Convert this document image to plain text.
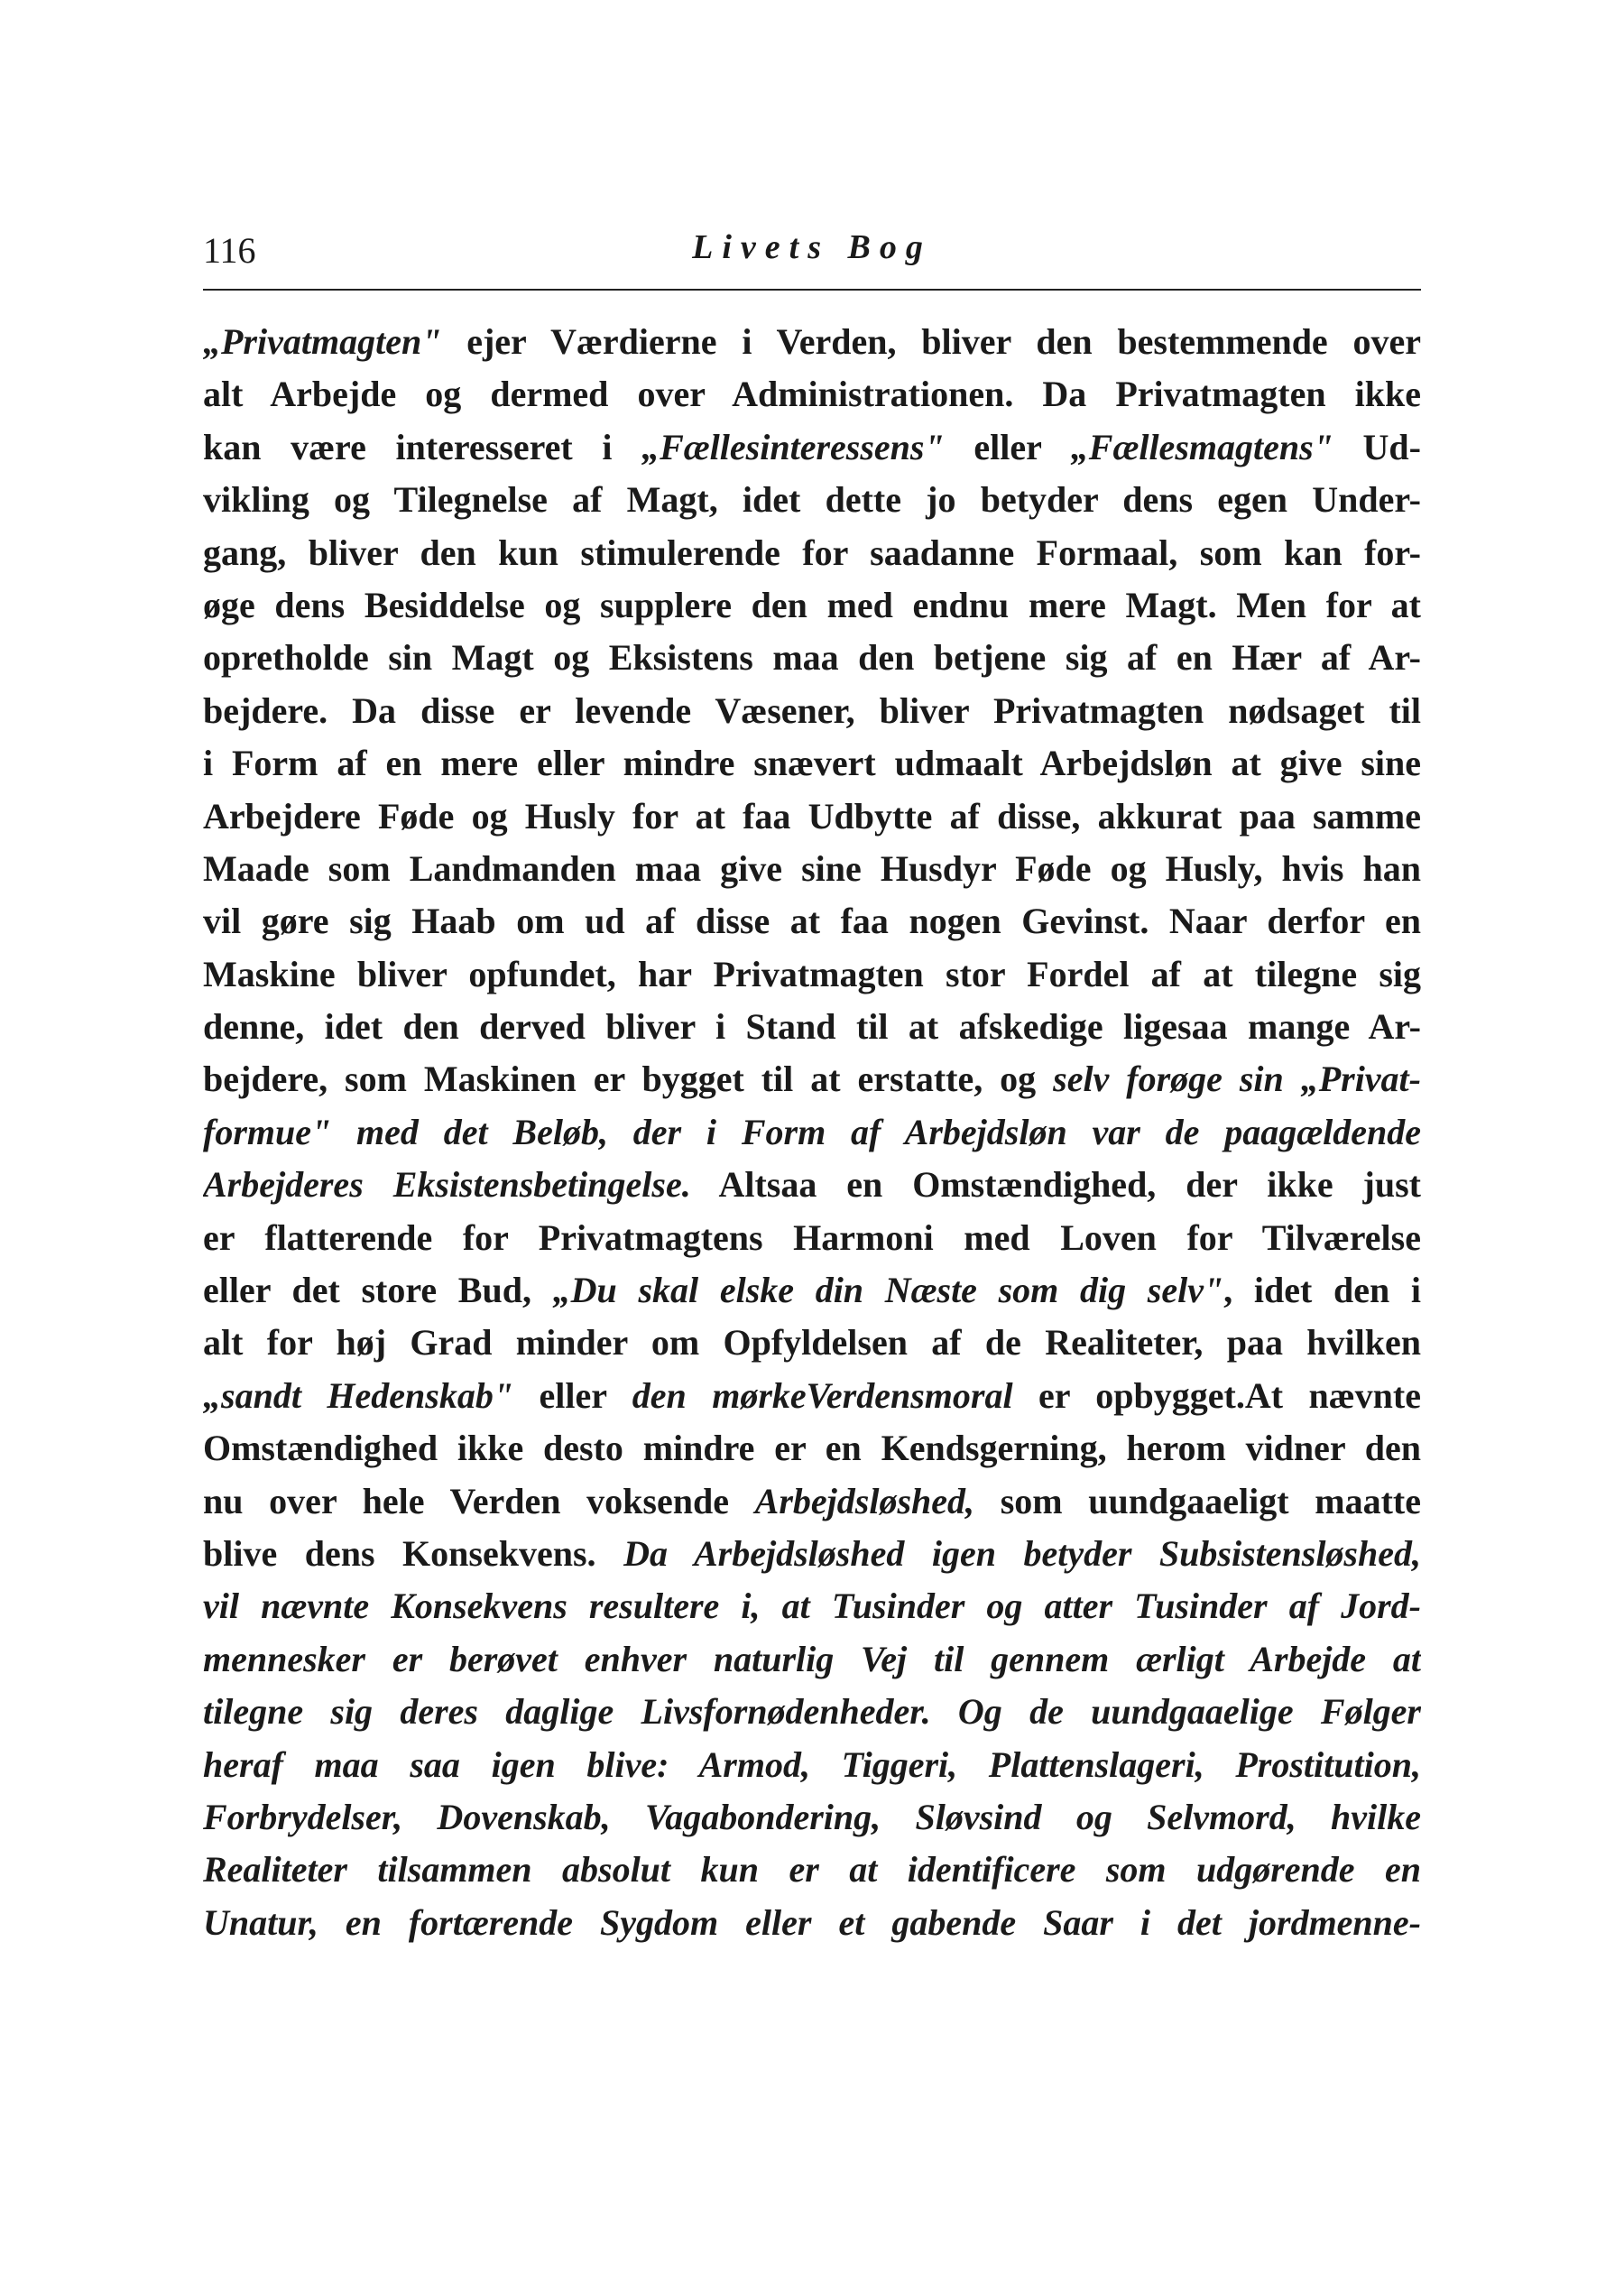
116	Livets Bog
„Privatmagten" ejer Værdierne i Verden, bliver den bestemmende over
alt Arbejde og dermed over Administrationen. Da Privatmagten ikke
kan være interesseret i „Fællesinteressens" eller „Fællesmagtens" Ud-
vikling og Tilegnelse af Magt, idet dette jo betyder dens egen Under-
gang, bliver den kun stimulerende for saadanne Formaal, som kan for-
øge dens Besiddelse og supplere den med endnu mere Magt. Men for at
opretholde sin Magt og Eksistens maa den betjene sig af en Hær af Ar-
bejdere. Da disse er levende Væsener, bliver Privatmagten nødsaget til
i Form af en mere eller mindre snævert udmaalt Arbejdsløn at give sine
Arbejdere Føde og Husly for at faa Udbytte af disse, akkurat paa samme
Maade som Landmanden maa give sine Husdyr Føde og Husly, hvis han
vil gøre sig Haab om ud af disse at faa nogen Gevinst. Naar derfor en
Maskine bliver opfundet, har Privatmagten stor Fordel af at tilegne sig
denne, idet den derved bliver i Stand til at afskedige ligesaa mange Ar-
bejdere, som Maskinen er bygget til at erstatte, og selv forøge sin „Privat-
formue" med det Beløb, der i Form af Arbejdsløn var de paagældende
Arbejderes Eksistensbetingelse. Altsaa en Omstændighed, der ikke just
er flatterende for Privatmagtens Harmoni med Loven for Tilværelse
eller det store Bud, „Du skal elske din Næste som dig selv", idet den i
alt for høj Grad minder om Opfyldelsen af de Realiteter, paa hvilken
„sandt Hedenskab" eller den mørkeVerdensmoral er opbygget.At nævnte
Omstændighed ikke desto mindre er en Kendsgerning, herom vidner den
nu over hele Verden voksende Arbejdsløshed, som uundgaaeligt maatte
blive dens Konsekvens. Da Arbejdsløshed igen betyder Subsistensløshed,
vil nævnte Konsekvens resultere i, at Tusinder og atter Tusinder af Jord-
mennesker er berøvet enhver naturlig Vej til gennem ærligt Arbejde at
tilegne sig deres daglige Livsfornødenheder. Og de uundgaaelige Følger
heraf maa saa igen blive: Armod, Tiggeri, Plattenslageri, Prostitution,
Forbrydelser, Dovenskab, Vagabondering, Sløvsind og Selvmord, hvilke
Realiteter tilsammen absolut kun er at identificere som udgørende en
Unatur, en fortærende Sygdom eller et gabende Saar i det jordmenne-
